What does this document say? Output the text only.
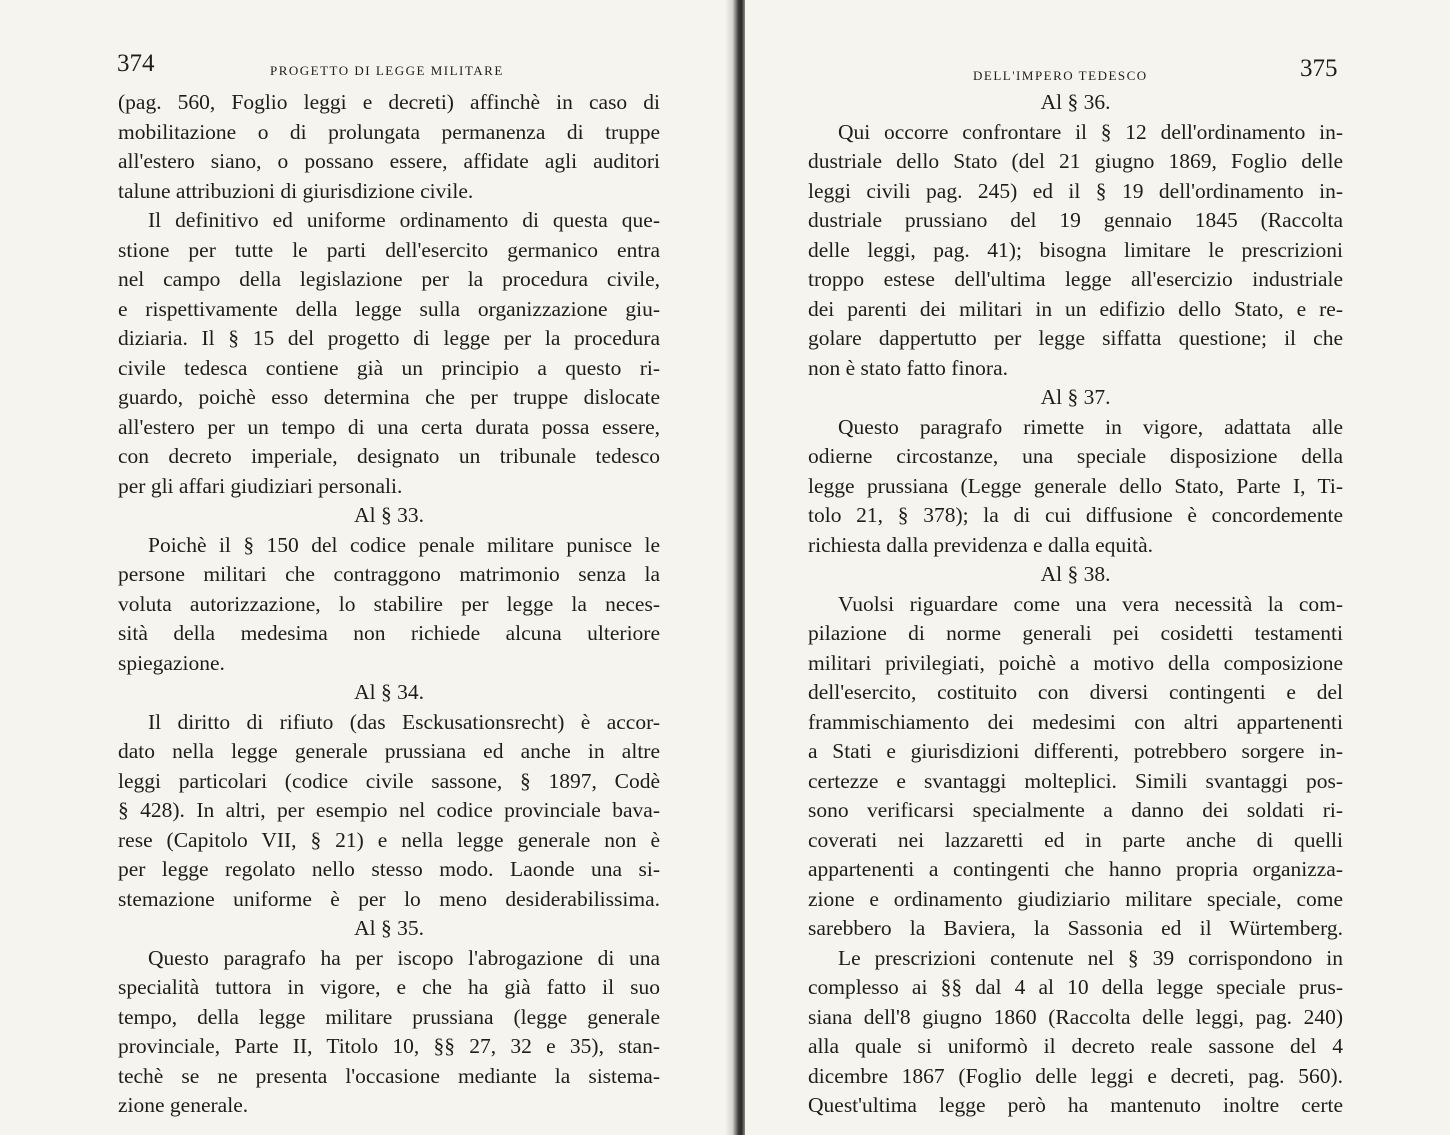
374	PROGETTO DI LEGGE MILITARE
(pag. 560, Foglio leggi e decreti) affinchè in caso di
mobilitazione o di prolungata permanenza di truppe
all'estero siano, o possano essere, affidate agli auditori
talune attribuzioni di giurisdizione civile.
Il definitivo ed uniforme ordinamento di questa que-
stione per tutte le parti dell'esercito germanico entra
nel campo della legislazione per la procedura civile,
e rispettivamente della legge sulla organizzazione giu-
diziaria. Il § 15 del progetto di legge per la procedura
civile tedesca contiene già un principio a questo ri-
guardo, poichè esso determina che per truppe dislocate
all'estero per un tempo di una certa durata possa essere,
con decreto imperiale, designato un tribunale tedesco
per gli affari giudiziari personali.
Al § 33.
Poichè il § 150 del codice penale militare punisce le
persone militari che contraggono matrimonio senza la
voluta autorizzazione, lo stabilire per legge la neces-
sità della medesima non richiede alcuna ulteriore
spiegazione.
Al § 34.
Il diritto di rifiuto (das Esckusationsrecht) è accor-
dato nella legge generale prussiana ed anche in altre
leggi particolari (codice civile sassone, § 1897, Codè
§ 428). In altri, per esempio nel codice provinciale bava-
rese (Capitolo VII, § 21) e nella legge generale non è
per legge regolato nello stesso modo. Laonde una si-
stemazione uniforme è per lo meno desiderabilissima.
Al § 35.
Questo paragrafo ha per iscopo l'abrogazione di una
specialità tuttora in vigore, e che ha già fatto il suo
tempo, della legge militare prussiana (legge generale
provinciale, Parte II, Titolo 10, §§ 27, 32 e 35), stan-
techè se ne presenta l'occasione mediante la sistema-
zione generale.
DELL'IMPERO TEDESCO	375
Al § 36.
Qui occorre confrontare il § 12 dell'ordinamento in-
dustriale dello Stato (del 21 giugno 1869, Foglio delle
leggi civili pag. 245) ed il § 19 dell'ordinamento in-
dustriale prussiano del 19 gennaio 1845 (Raccolta
delle leggi, pag. 41); bisogna limitare le prescrizioni
troppo estese dell'ultima legge all'esercizio industriale
dei parenti dei militari in un edifizio dello Stato, e re-
golare dappertutto per legge siffatta questione; il che
non è stato fatto finora.
Al § 37.
Questo paragrafo rimette in vigore, adattata alle
odierne circostanze, una speciale disposizione della
legge prussiana (Legge generale dello Stato, Parte I, Ti-
tolo 21, § 378); la di cui diffusione è concordemente
richiesta dalla previdenza e dalla equità.
Al § 38.
Vuolsi riguardare come una vera necessità la com-
pilazione di norme generali pei cosidetti testamenti
militari privilegiati, poichè a motivo della composizione
dell'esercito, costituito con diversi contingenti e del
frammischiamento dei medesimi con altri appartenenti
a Stati e giurisdizioni differenti, potrebbero sorgere in-
certezze e svantaggi molteplici. Simili svantaggi pos-
sono verificarsi specialmente a danno dei soldati ri-
coverati nei lazzaretti ed in parte anche di quelli
appartenenti a contingenti che hanno propria organizza-
zione e ordinamento giudiziario militare speciale, come
sarebbero la Baviera, la Sassonia ed il Würtemberg.
Le prescrizioni contenute nel § 39 corrispondono in
complesso ai §§ dal 4 al 10 della legge speciale prus-
siana dell'8 giugno 1860 (Raccolta delle leggi, pag. 240)
alla quale si uniformò il decreto reale sassone del 4
dicembre 1867 (Foglio delle leggi e decreti, pag. 560).
Quest'ultima legge però ha mantenuto inoltre certe
